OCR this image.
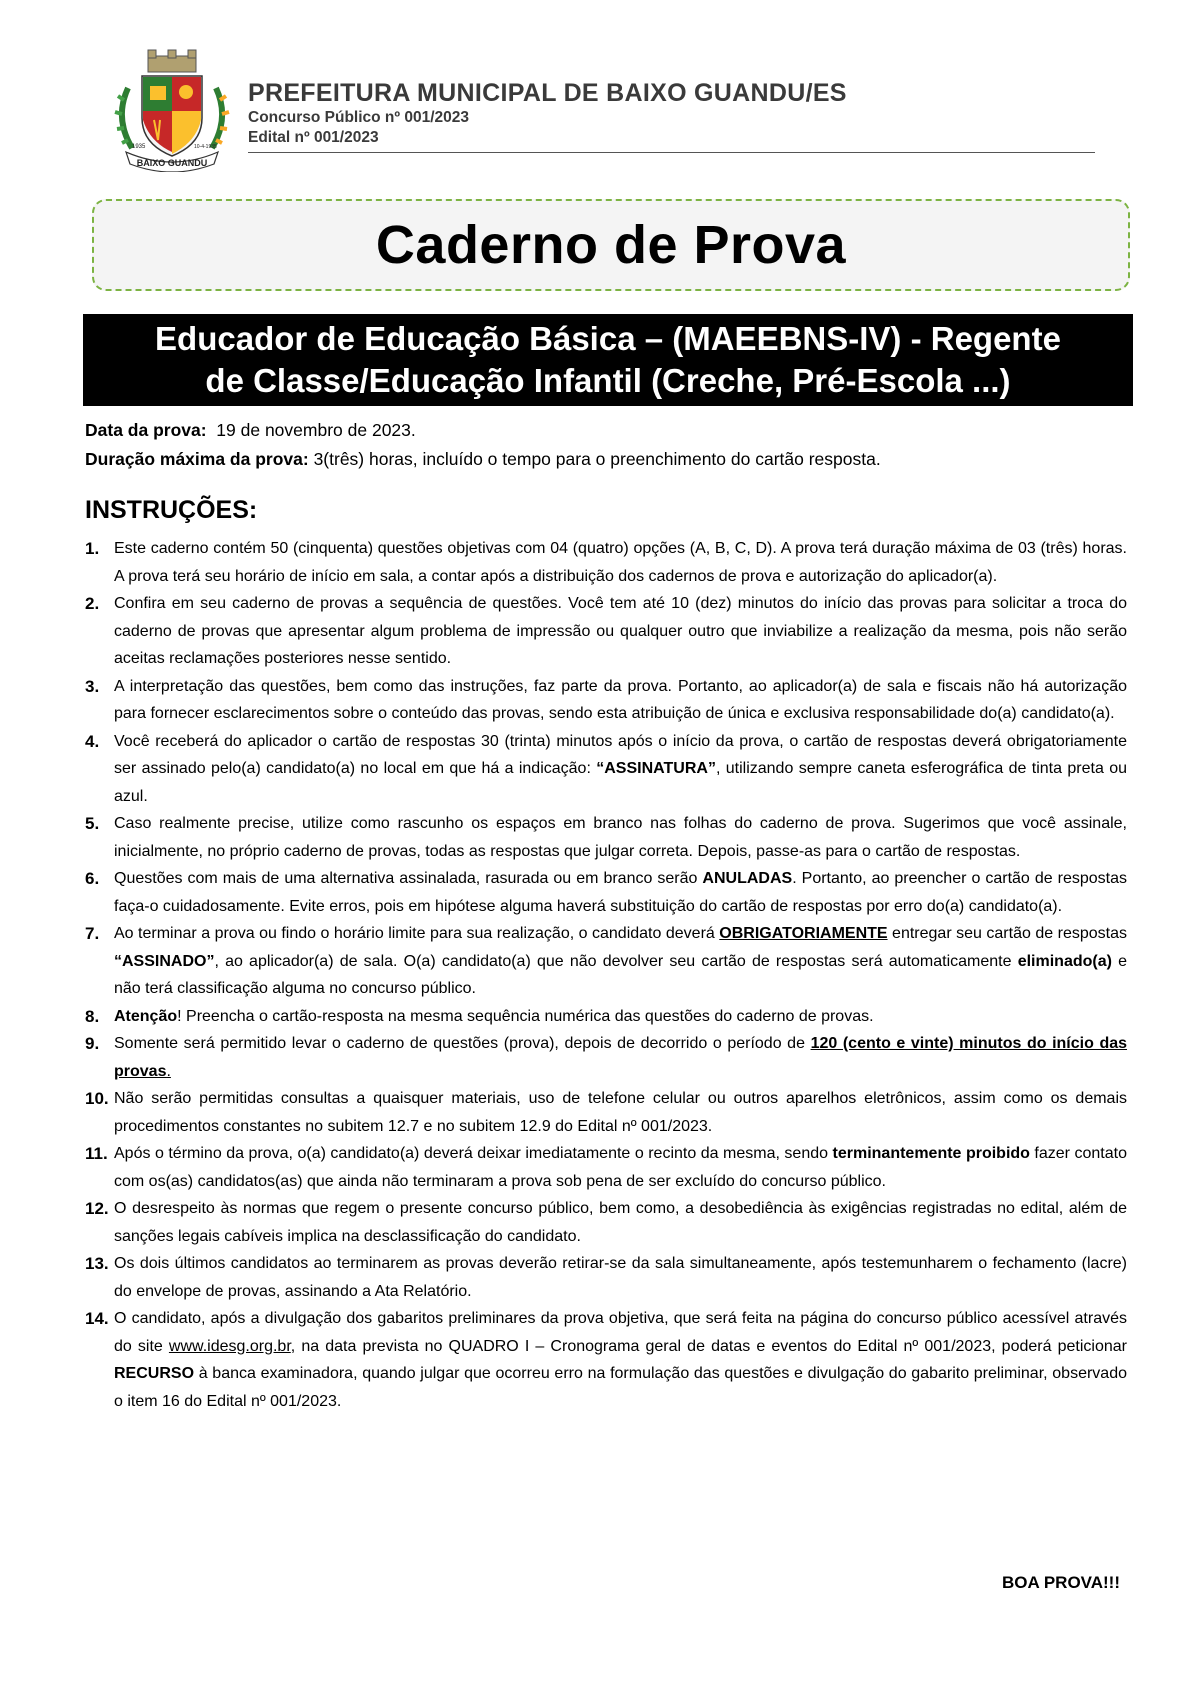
BAIXO GUANDU
1935	10-4-1935
PREFEITURA MUNICIPAL DE BAIXO GUANDU/ES
Concurso Público nº 001/2023
Edital nº 001/2023
Caderno de Prova
Educador de Educação Básica – (MAEEBNS-IV) - Regente
de Classe/Educação Infantil (Creche, Pré-Escola ...)
Data da prova: 19 de novembro de 2023.
Duração máxima da prova: 3(três) horas, incluído o tempo para o preenchimento do cartão resposta.
INSTRUÇÕES:
1. Este caderno contém 50 (cinquenta) questões objetivas com 04 (quatro) opções (A, B, C, D). A prova terá duração máxima de 03 (três) horas. A prova terá seu horário de início em sala, a contar após a distribuição dos cadernos de prova e autorização do aplicador(a).
2. Confira em seu caderno de provas a sequência de questões. Você tem até 10 (dez) minutos do início das provas para solicitar a troca do caderno de provas que apresentar algum problema de impressão ou qualquer outro que inviabilize a realização da mesma, pois não serão aceitas reclamações posteriores nesse sentido.
3. A interpretação das questões, bem como das instruções, faz parte da prova. Portanto, ao aplicador(a) de sala e fiscais não há autorização para fornecer esclarecimentos sobre o conteúdo das provas, sendo esta atribuição de única e exclusiva responsabilidade do(a) candidato(a).
4. Você receberá do aplicador o cartão de respostas 30 (trinta) minutos após o início da prova, o cartão de respostas deverá obrigatoriamente ser assinado pelo(a) candidato(a) no local em que há a indicação: “ASSINATURA”, utilizando sempre caneta esferográfica de tinta preta ou azul.
5. Caso realmente precise, utilize como rascunho os espaços em branco nas folhas do caderno de prova. Sugerimos que você assinale, inicialmente, no próprio caderno de provas, todas as respostas que julgar correta. Depois, passe-as para o cartão de respostas.
6. Questões com mais de uma alternativa assinalada, rasurada ou em branco serão ANULADAS. Portanto, ao preencher o cartão de respostas faça-o cuidadosamente. Evite erros, pois em hipótese alguma haverá substituição do cartão de respostas por erro do(a) candidato(a).
7. Ao terminar a prova ou findo o horário limite para sua realização, o candidato deverá OBRIGATORIAMENTE entregar seu cartão de respostas “ASSINADO”, ao aplicador(a) de sala. O(a) candidato(a) que não devolver seu cartão de respostas será automaticamente eliminado(a) e não terá classificação alguma no concurso público.
8. Atenção! Preencha o cartão-resposta na mesma sequência numérica das questões do caderno de provas.
9. Somente será permitido levar o caderno de questões (prova), depois de decorrido o período de 120 (cento e vinte) minutos do início das provas.
10. Não serão permitidas consultas a quaisquer materiais, uso de telefone celular ou outros aparelhos eletrônicos, assim como os demais procedimentos constantes no subitem 12.7 e no subitem 12.9 do Edital nº 001/2023.
11. Após o término da prova, o(a) candidato(a) deverá deixar imediatamente o recinto da mesma, sendo terminantemente proibido fazer contato com os(as) candidatos(as) que ainda não terminaram a prova sob pena de ser excluído do concurso público.
12. O desrespeito às normas que regem o presente concurso público, bem como, a desobediência às exigências registradas no edital, além de sanções legais cabíveis implica na desclassificação do candidato.
13. Os dois últimos candidatos ao terminarem as provas deverão retirar-se da sala simultaneamente, após testemunharem o fechamento (lacre) do envelope de provas, assinando a Ata Relatório.
14. O candidato, após a divulgação dos gabaritos preliminares da prova objetiva, que será feita na página do concurso público acessível através do site www.idesg.org.br, na data prevista no QUADRO I – Cronograma geral de datas e eventos do Edital nº 001/2023, poderá peticionar RECURSO à banca examinadora, quando julgar que ocorreu erro na formulação das questões e divulgação do gabarito preliminar, observado o item 16 do Edital nº 001/2023.
BOA PROVA!!!
